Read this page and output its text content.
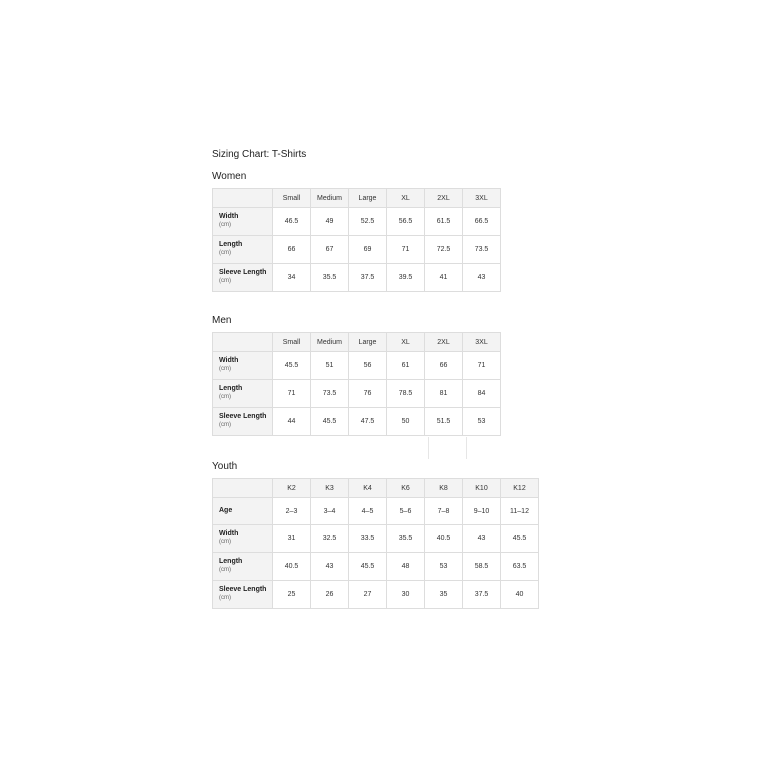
Sizing Chart: T-Shirts
Women
	Small	Medium	Large	XL	2XL	3XL

Width
(cm)	46.5	49	52.5	56.5	61.5	66.5

Length
(cm)	66	67	69	71	72.5	73.5

Sleeve Length
(cm)	34	35.5	37.5	39.5	41	43
Men
	Small	Medium	Large	XL	2XL	3XL

Width
(cm)	45.5	51	56	61	66	71

Length
(cm)	71	73.5	76	78.5	81	84

Sleeve Length
(cm)	44	45.5	47.5	50	51.5	53
Youth
	K2	K3	K4	K6	K8	K10	K12

Age	2–3	3–4	4–5	5–6	7–8	9–10	11–12

Width
(cm)	31	32.5	33.5	35.5	40.5	43	45.5

Length
(cm)	40.5	43	45.5	48	53	58.5	63.5

Sleeve Length
(cm)	25	26	27	30	35	37.5	40
